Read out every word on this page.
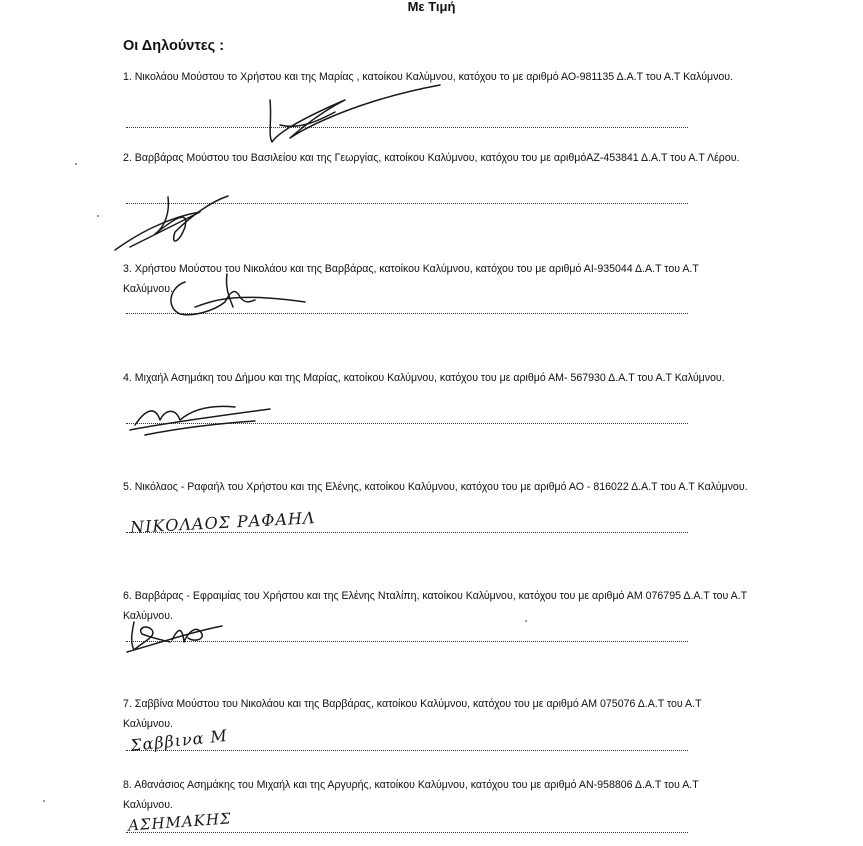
Με Τιμή
Οι Δηλούντες :
1. Νικολάου Μούστου το Χρήστου και της Μαρίας , κατοίκου Καλύμνου, κατόχου το με αριθμό ΑΟ-981135 Δ.Α.Τ του Α.Τ Καλύμνου.
2. Βαρβάρας Μούστου του Βασιλείου και της Γεωργίας, κατοίκου Καλύμνου, κατόχου του με αριθμόΑΖ-453841 Δ.Α.Τ του Α.Τ Λέρου.
3. Χρήστου Μούστου του Νικολάου και της Βαρβάρας, κατοίκου Καλύμνου, κατόχου του με αριθμό ΑΙ-935044 Δ.Α.Τ του Α.Τ Καλύμνου.
4. Μιχαήλ Ασημάκη του Δήμου και της Μαρίας, κατοίκου Καλύμνου, κατόχου του με αριθμό ΑΜ- 567930 Δ.Α.Τ του Α.Τ Καλύμνου.
5. Νικόλαος - Ραφαήλ του Χρήστου και της Ελένης, κατοίκου Καλύμνου, κατόχου του με αριθμό ΑΟ - 816022 Δ.Α.Τ του Α.Τ Καλύμνου.
ΝΙΚΟΛΑΟΣ ΡΑΦΑΗΛ
6. Βαρβάρας - Εφραιμίας του Χρήστου και της Ελένης Νταλίπη, κατοίκου Καλύμνου, κατόχου του με αριθμό ΑΜ 076795 Δ.Α.Τ του Α.Τ Καλύμνου.
7. Σαββίνα Μούστου του Νικολάου και της Βαρβάρας, κατοίκου Καλύμνου, κατόχου του με αριθμό ΑΜ 075076 Δ.Α.Τ του Α.Τ Καλύμνου.
Σαββινα Μ
8. Αθανάσιος Ασημάκης του Μιχαήλ και της Αργυρής, κατοίκου Καλύμνου, κατόχου του με αριθμό ΑΝ-958806 Δ.Α.Τ του Α.Τ Καλύμνου.
ΑΣΗΜΑΚΗΣ
